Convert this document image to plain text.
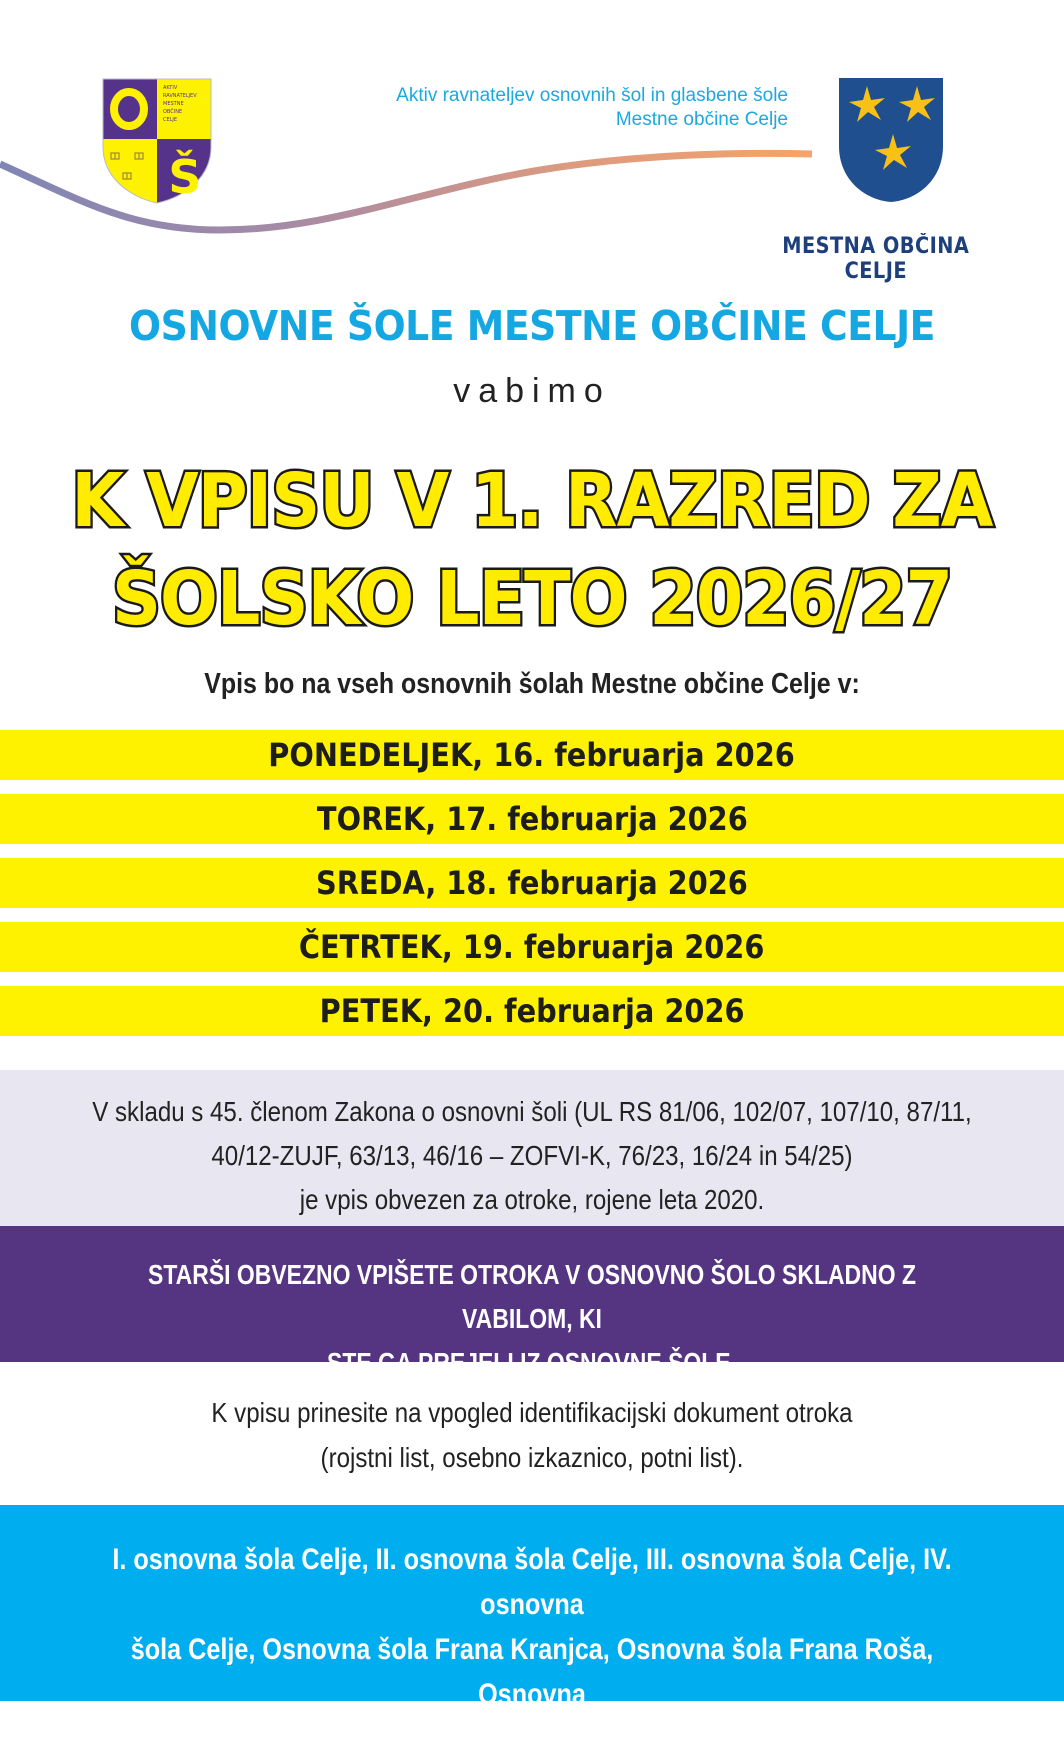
Š
AKTIV
RAVNATELJEV
MESTNE
OBČINE
CELJE
Aktiv ravnateljev osnovnih šol in glasbene šole
Mestne občine Celje
MESTNA OBČINA CELJE
OSNOVNE ŠOLE MESTNE OBČINE CELJE
vabimo
K VPISU V 1. RAZRED ZA
ŠOLSKO LETO 2026/27
Vpis bo na vseh osnovnih šolah Mestne občine Celje v:
PONEDELJEK, 16. februarja 2026
TOREK, 17. februarja 2026
SREDA, 18. februarja 2026
ČETRTEK, 19. februarja 2026
PETEK, 20. februarja 2026
V skladu s 45. členom Zakona o osnovni šoli (UL RS 81/06, 102/07, 107/10, 87/11,
40/12-ZUJF, 63/13, 46/16 – ZOFVI-K, 76/23, 16/24 in 54/25)
je vpis obvezen za otroke, rojene leta 2020.
STARŠI OBVEZNO VPIŠETE OTROKA V OSNOVNO ŠOLO SKLADNO Z VABILOM, KI
STE GA PREJELI IZ OSNOVNE ŠOLE.
K vpisu prinesite na vpogled identifikacijski dokument otroka
(rojstni list, osebno izkaznico, potni list).
I. osnovna šola Celje, II. osnovna šola Celje, III. osnovna šola Celje, IV. osnovna
šola Celje, Osnovna šola Frana Kranjca, Osnovna šola Frana Roša, Osnovna
šola Hudinja, Osnovna šola Lava, Osnovna šola Ljubečna
